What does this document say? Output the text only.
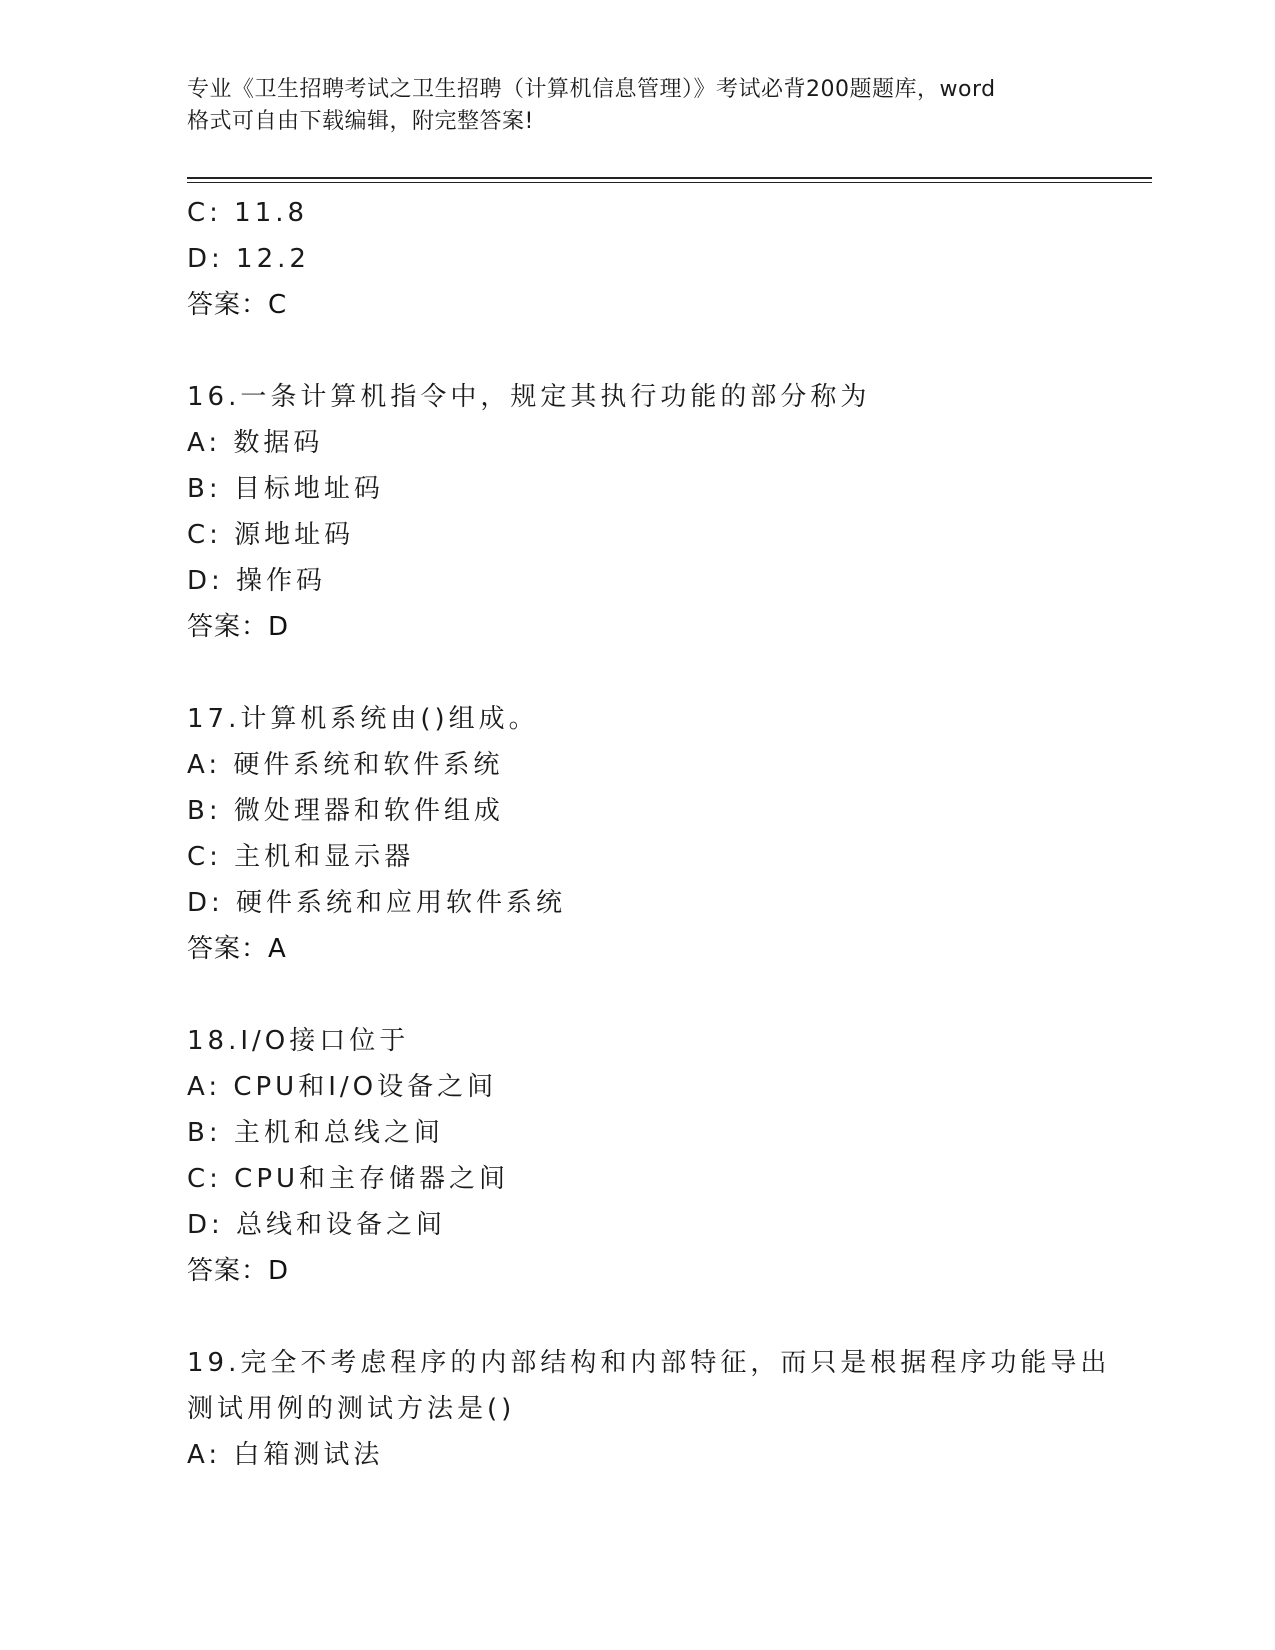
专业《卫生招聘考试之卫生招聘（计算机信息管理）》考试必背200题题库，word
格式可自由下载编辑，附完整答案!
C: 11.8
D: 12.2
答案：C
16.一条计算机指令中，规定其执行功能的部分称为
A: 数据码
B: 目标地址码
C: 源地址码
D: 操作码
答案：D
17.计算机系统由()组成。
A: 硬件系统和软件系统
B: 微处理器和软件组成
C: 主机和显示器
D: 硬件系统和应用软件系统
答案：A
18.I/O接口位于
A: CPU和I/O设备之间
B: 主机和总线之间
C: CPU和主存储器之间
D: 总线和设备之间
答案：D
19.完全不考虑程序的内部结构和内部特征，而只是根据程序功能导出
测试用例的测试方法是()
A: 白箱测试法
